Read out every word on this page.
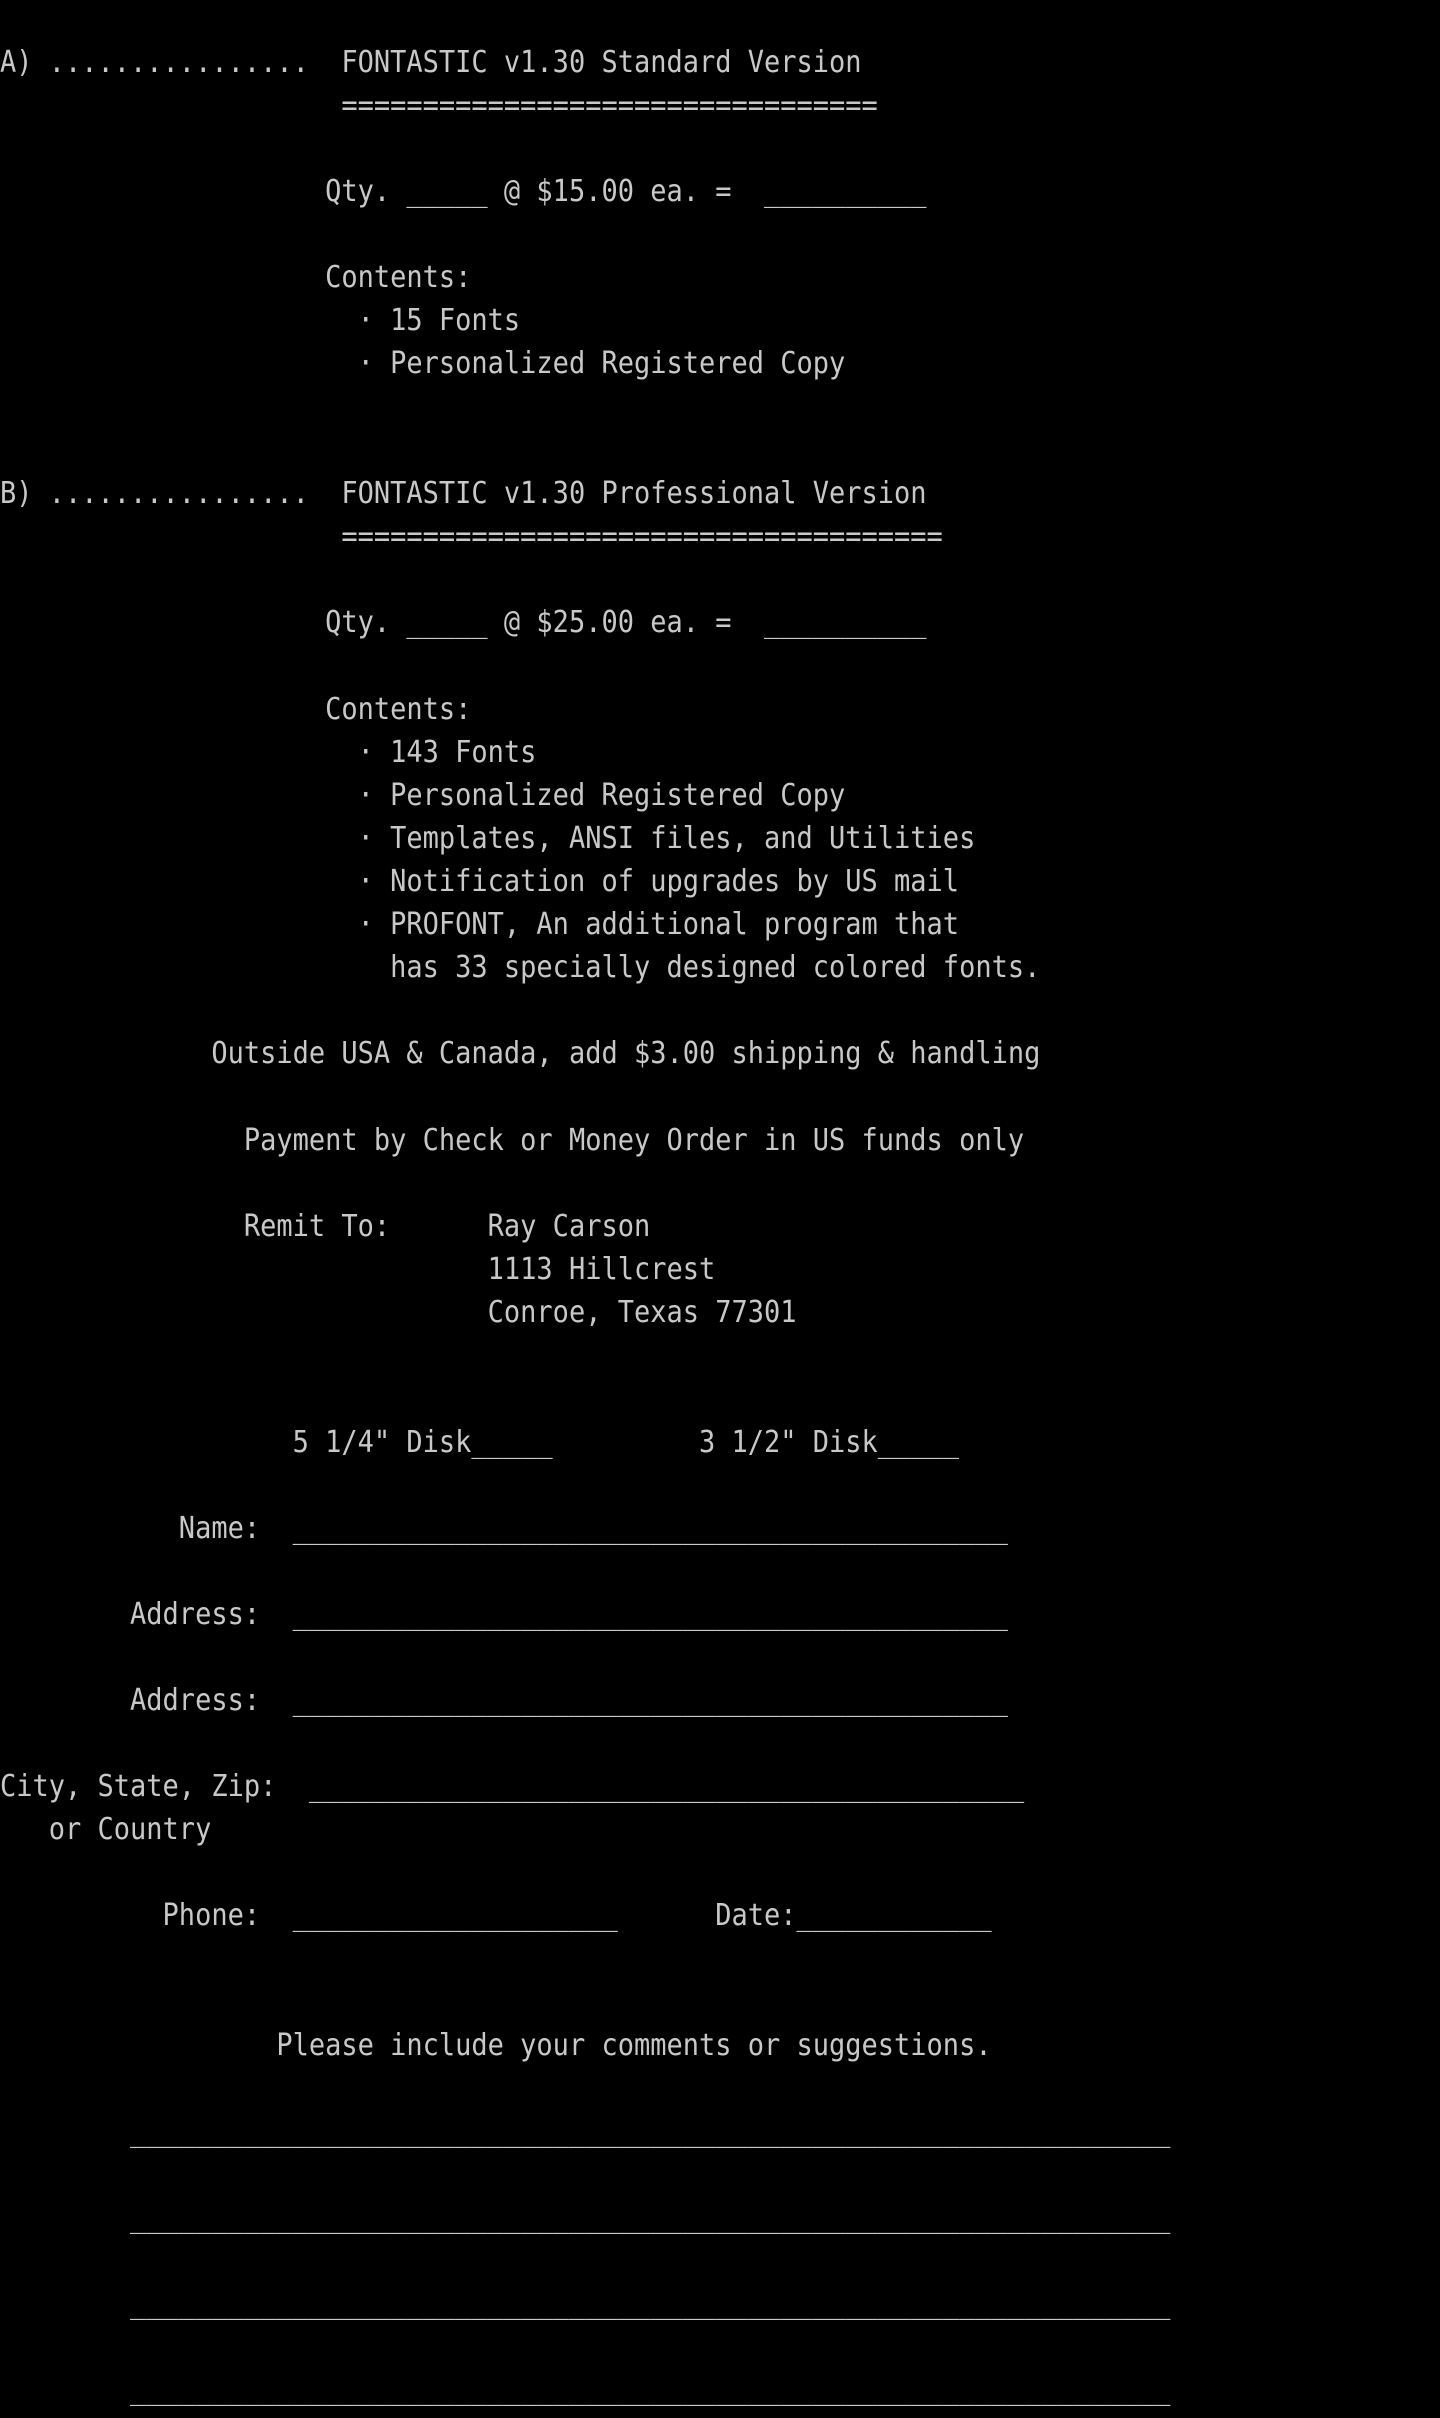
A) ................  FONTASTIC v1.30 Standard Version
=================================
Qty. _____ @ $15.00 ea. =  __________
Contents:
· 15 Fonts
· Personalized Registered Copy
B) ................  FONTASTIC v1.30 Professional Version
=====================================
Qty. _____ @ $25.00 ea. =  __________
Contents:
· 143 Fonts
· Personalized Registered Copy
· Templates, ANSI files, and Utilities
· Notification of upgrades by US mail
· PROFONT, An additional program that
has 33 specially designed colored fonts.
Outside USA & Canada, add $3.00 shipping & handling
Payment by Check or Money Order in US funds only
Remit To:      Ray Carson
1113 Hillcrest
Conroe, Texas 77301
5 1/4" Disk_____         3 1/2" Disk_____
Name:  ____________________________________________
Address:  ____________________________________________
Address:  ____________________________________________
City, State, Zip:  ____________________________________________
or Country
Phone:  ____________________      Date:____________
Please include your comments or suggestions.
________________________________________________________________
________________________________________________________________
________________________________________________________________
________________________________________________________________
